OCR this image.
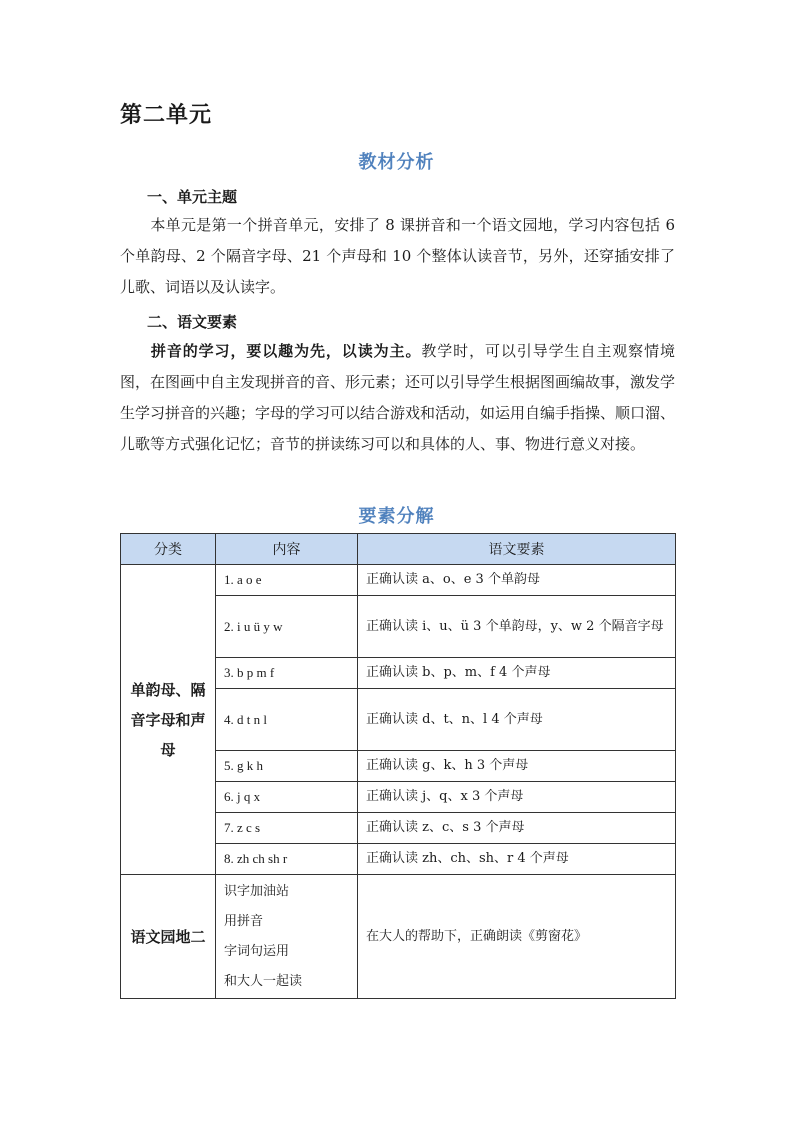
第二单元
教材分析
一、单元主题
本单元是第一个拼音单元，安排了 8 课拼音和一个语文园地，学习内容包括 6 个单韵母、2 个隔音字母、21 个声母和 10 个整体认读音节，另外，还穿插安排了儿歌、词语以及认读字。
二、语文要素
拼音的学习，要以趣为先，以读为主。教学时，可以引导学生自主观察情境图，在图画中自主发现拼音的音、形元素；还可以引导学生根据图画编故事，激发学生学习拼音的兴趣；字母的学习可以结合游戏和活动，如运用自编手指操、顺口溜、儿歌等方式强化记忆；音节的拼读练习可以和具体的人、事、物进行意义对接。
要素分解
分类	内容	语文要素
单韵母、隔音字母和声母	1. a o e	正确认读 a、o、e 3 个单韵母
	2. i u ü y w	正确认读 i、u、ü 3 个单韵母，y、w 2 个隔音字母
	3. b p m f	正确认读 b、p、m、f 4 个声母
	4. d t n l	正确认读 d、t、n、l 4 个声母
	5. g k h	正确认读 g、k、h 3 个声母
	6. j q x	正确认读 j、q、x 3 个声母
	7. z c s	正确认读 z、c、s 3 个声母
	8. zh ch sh r	正确认读 zh、ch、sh、r 4 个声母
语文园地二	识字加油站
用拼音
字词句运用
和大人一起读	在大人的帮助下，正确朗读《剪窗花》
